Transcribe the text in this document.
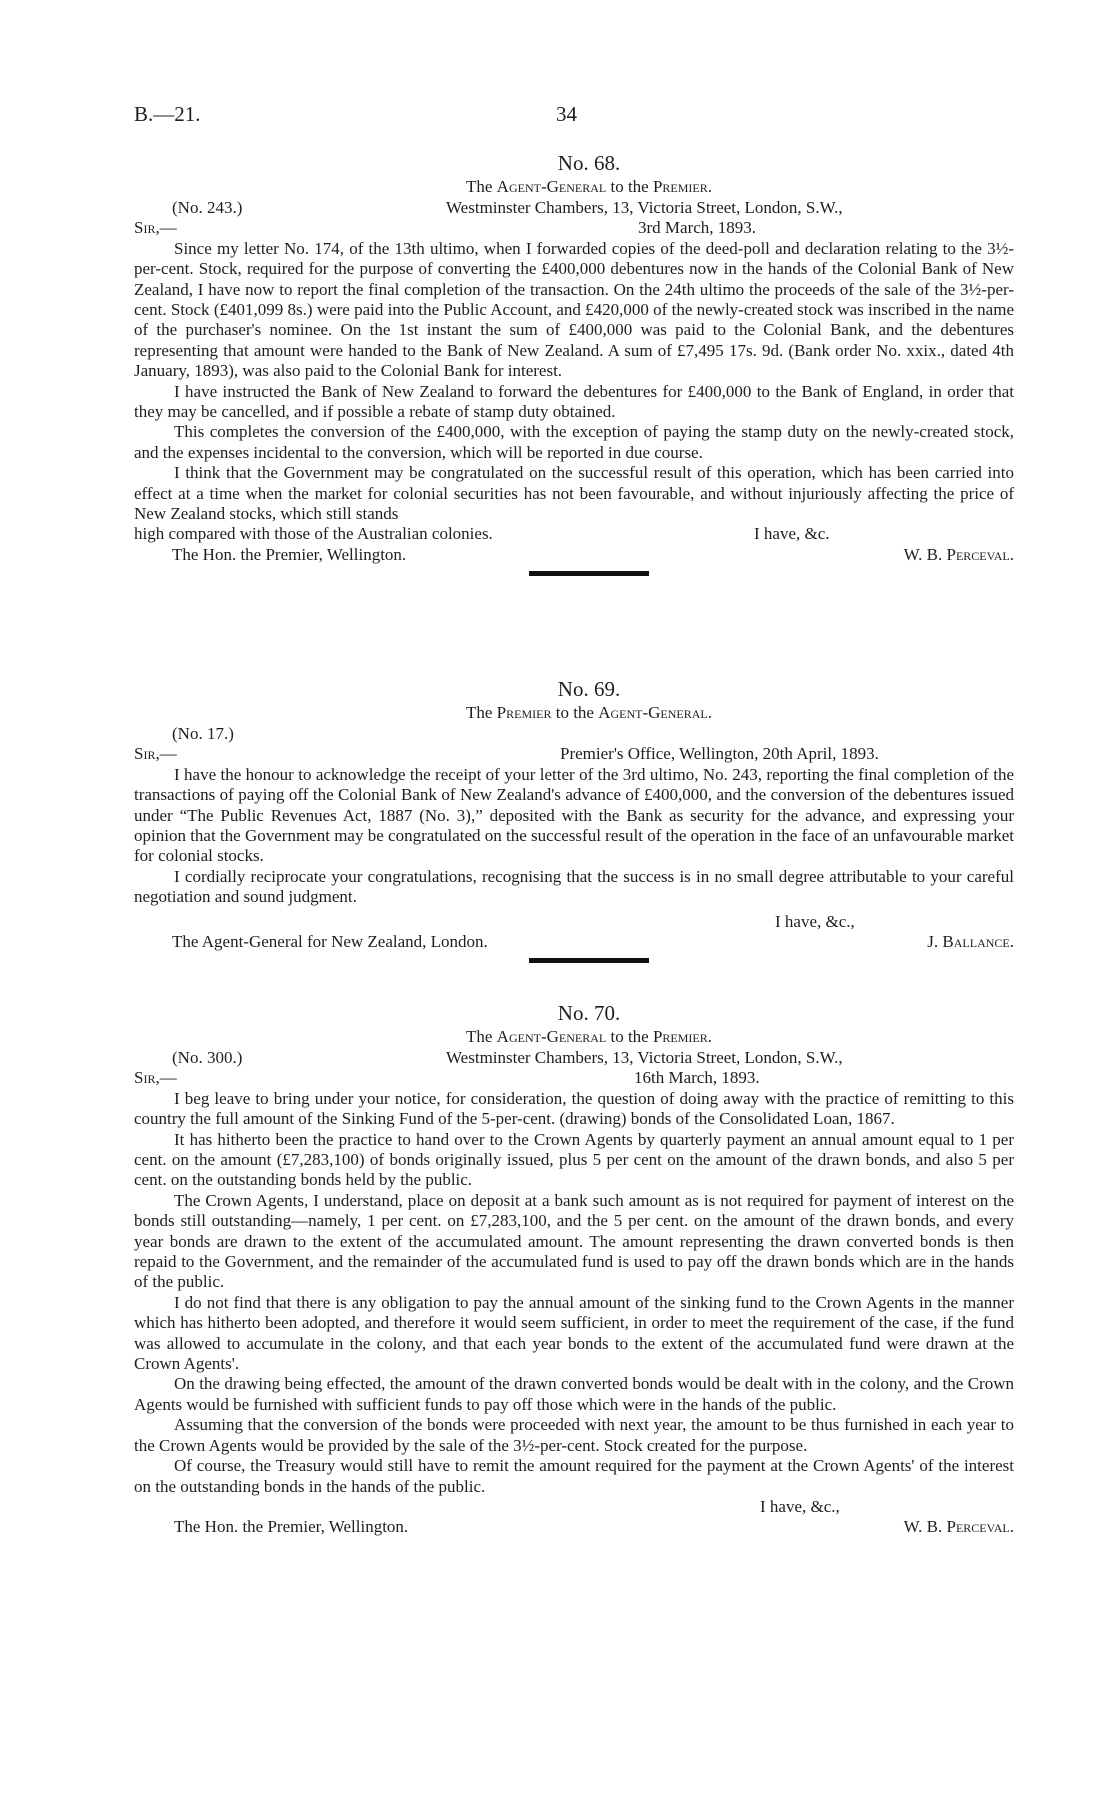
B.—21.	34
No. 68.
The Agent-General to the Premier.
(No. 243.)	Westminster Chambers, 13, Victoria Street, London, S.W.,
Sir,—	3rd March, 1893.

Since my letter No. 174, of the 13th ultimo, when I forwarded copies of the deed-poll and declaration relating to the 3½-per-cent. Stock, required for the purpose of converting the £400,000 debentures now in the hands of the Colonial Bank of New Zealand, I have now to report the final completion of the transaction. On the 24th ultimo the proceeds of the sale of the 3½-per-cent. Stock (£401,099 8s.) were paid into the Public Account, and £420,000 of the newly-created stock was inscribed in the name of the purchaser's nominee. On the 1st instant the sum of £400,000 was paid to the Colonial Bank, and the debentures representing that amount were handed to the Bank of New Zealand. A sum of £7,495 17s. 9d. (Bank order No. xxix., dated 4th January, 1893), was also paid to the Colonial Bank for interest.

I have instructed the Bank of New Zealand to forward the debentures for £400,000 to the Bank of England, in order that they may be cancelled, and if possible a rebate of stamp duty obtained.

This completes the conversion of the £400,000, with the exception of paying the stamp duty on the newly-created stock, and the expenses incidental to the conversion, which will be reported in due course.

I think that the Government may be congratulated on the successful result of this operation, which has been carried into effect at a time when the market for colonial securities has not been favourable, and without injuriously affecting the price of New Zealand stocks, which still stands

high compared with those of the Australian colonies.	I have, &c.
The Hon. the Premier, Wellington.	W. B. Perceval.
No. 69.
The Premier to the Agent-General.
(No. 17.)
Sir,—	Premier's Office, Wellington, 20th April, 1893.

I have the honour to acknowledge the receipt of your letter of the 3rd ultimo, No. 243, reporting the final completion of the transactions of paying off the Colonial Bank of New Zealand's advance of £400,000, and the conversion of the debentures issued under “The Public Revenues Act, 1887 (No. 3),” deposited with the Bank as security for the advance, and expressing your opinion that the Government may be congratulated on the successful result of the operation in the face of an unfavourable market for colonial stocks.

I cordially reciprocate your congratulations, recognising that the success is in no small degree attributable to your careful negotiation and sound judgment.

I have, &c.,
The Agent-General for New Zealand, London.	J. Ballance.
No. 70.
The Agent-General to the Premier.
(No. 300.)	Westminster Chambers, 13, Victoria Street, London, S.W.,
Sir,—	16th March, 1893.

I beg leave to bring under your notice, for consideration, the question of doing away with the practice of remitting to this country the full amount of the Sinking Fund of the 5-per-cent. (drawing) bonds of the Consolidated Loan, 1867.

It has hitherto been the practice to hand over to the Crown Agents by quarterly payment an annual amount equal to 1 per cent. on the amount (£7,283,100) of bonds originally issued, plus 5 per cent on the amount of the drawn bonds, and also 5 per cent. on the outstanding bonds held by the public.

The Crown Agents, I understand, place on deposit at a bank such amount as is not required for payment of interest on the bonds still outstanding—namely, 1 per cent. on £7,283,100, and the 5 per cent. on the amount of the drawn bonds, and every year bonds are drawn to the extent of the accumulated amount. The amount representing the drawn converted bonds is then repaid to the Government, and the remainder of the accumulated fund is used to pay off the drawn bonds which are in the hands of the public.

I do not find that there is any obligation to pay the annual amount of the sinking fund to the Crown Agents in the manner which has hitherto been adopted, and therefore it would seem sufficient, in order to meet the requirement of the case, if the fund was allowed to accumulate in the colony, and that each year bonds to the extent of the accumulated fund were drawn at the Crown Agents'.

On the drawing being effected, the amount of the drawn converted bonds would be dealt with in the colony, and the Crown Agents would be furnished with sufficient funds to pay off those which were in the hands of the public.

Assuming that the conversion of the bonds were proceeded with next year, the amount to be thus furnished in each year to the Crown Agents would be provided by the sale of the 3½-per-cent. Stock created for the purpose.

Of course, the Treasury would still have to remit the amount required for the payment at the Crown Agents' of the interest on the outstanding bonds in the hands of the public.

I have, &c.,
The Hon. the Premier, Wellington.	W. B. Perceval.
